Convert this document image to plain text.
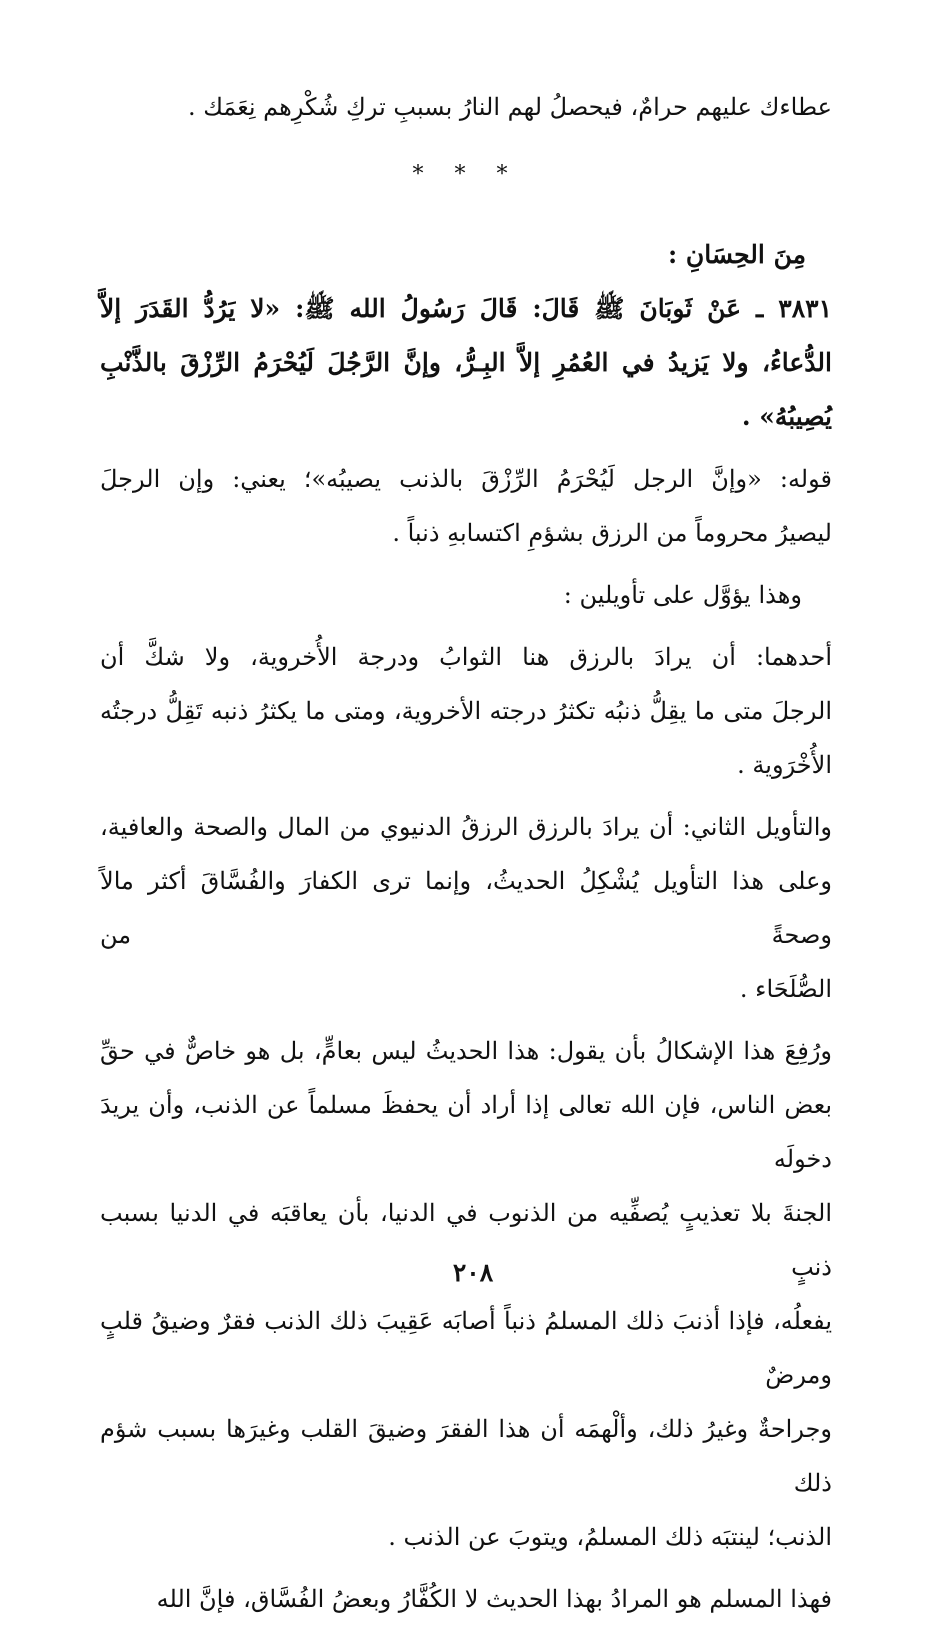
عطاءك عليهم حرامٌ، فيحصلُ لهم النارُ بسببِ تركِ شُكْرِهم نِعَمَك .
* * *
مِنَ الحِسَانِ :
٣٨٣١ ـ عَنْ ثَوبَانَ ﷺ قَالَ: قَالَ رَسُولُ الله ﷺ: «لا يَرُدُّ القَدَرَ إلاَّ
الدُّعاءُ، ولا يَزيدُ في العُمُرِ إلاَّ البِـرُّ، وإنَّ الرَّجُلَ لَيُحْرَمُ الرِّزْقَ بالذَّنْبِ يُصِيبُهُ» .
قوله: «وإنَّ الرجل لَيُحْرَمُ الرِّزْقَ بالذنب يصيبُه»؛ يعني: وإن الرجلَ
ليصيرُ محروماً من الرزق بشؤمِ اكتسابهِ ذنباً .
وهذا يؤوَّل على تأويلين :
أحدهما: أن يرادَ بالرزق هنا الثوابُ ودرجة الأُخروية، ولا شكَّ أن
الرجلَ متى ما يقِلُّ ذنبُه تكثرُ درجته الأخروية، ومتى ما يكثرُ ذنبه تَقِلُّ درجتُه
الأُخْرَوية .
والتأويل الثاني: أن يرادَ بالرزق الرزقُ الدنيوي من المال والصحة والعافية،
وعلى هذا التأويل يُشْكِلُ الحديثُ، وإنما ترى الكفارَ والفُسَّاقَ أكثر مالاً وصحةً من
الصُّلَحَاء .
ورُفِعَ هذا الإشكالُ بأن يقول: هذا الحديثُ ليس بعامٍّ، بل هو خاصٌّ في حقِّ
بعض الناس، فإن الله تعالى إذا أراد أن يحفظَ مسلماً عن الذنب، وأن يريدَ دخولَه
الجنةَ بلا تعذيبٍ يُصفِّيه من الذنوب في الدنيا، بأن يعاقبَه في الدنيا بسبب ذنبٍ
يفعلُه، فإذا أذنبَ ذلك المسلمُ ذنباً أصابَه عَقِيبَ ذلك الذنب فقرٌ وضيقُ قلبٍ ومرضٌ
وجراحةٌ وغيرُ ذلك، وألْهمَه أن هذا الفقرَ وضيقَ القلب وغيرَها بسبب شؤم ذلك
الذنب؛ لينتبَه ذلك المسلمُ، ويتوبَ عن الذنب .
فهذا المسلم هو المرادُ بهذا الحديث لا الكُفَّارُ وبعضُ الفُسَّاق، فإنَّ الله
٢٠٨
